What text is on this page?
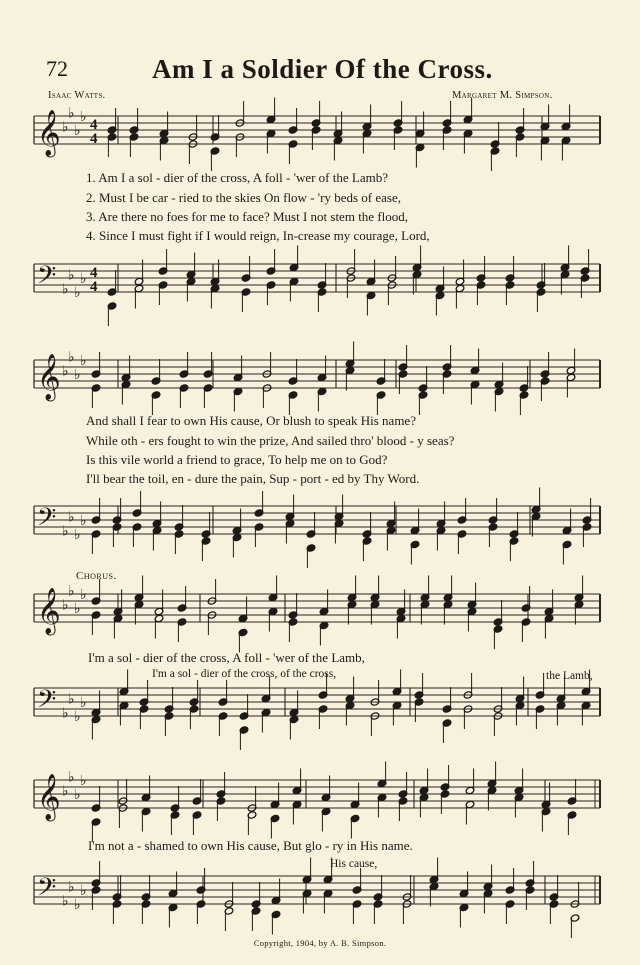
72	Am I a Soldier Of the Cross.
Isaac Watts.	Margaret M. Simpson.
𝄞 ♭
♭
♭
♭ 4
4
𝄢 ♭
♭
♭
♭ 4
4
𝄞 ♭
♭
♭
♭
𝄢 ♭
♭
♭
♭
𝄞 ♭
♭
♭
♭
𝄢 ♭
♭
♭
♭
𝄞 ♭
♭
♭
♭
𝄢 ♭
♭
♭
♭
1. Am I a sol - dier of the cross, A foll - 'wer of the Lamb?
2. Must I be car - ried to the skies On flow - 'ry beds of ease,
3. Are there no foes for me to face? Must I not stem the flood,
4. Since I must fight if I would reign, In-crease my courage, Lord,
And shall I fear to own His cause, Or blush to speak His name?
While oth - ers fought to win the prize, And sailed thro' blood - y seas?
Is this vile world a friend to grace, To help me on to God?
I'll bear the toil, en - dure the pain, Sup - port - ed by Thy Word.
Chorus.
I'm a sol - dier of the cross, A foll - 'wer of the Lamb,
I'm a sol - dier of the cross, of the cross,	the Lamb,
I'm not a - shamed to own His cause, But glo - ry in His name.
His cause,
Copyright, 1904, by A. B. Simpson.
